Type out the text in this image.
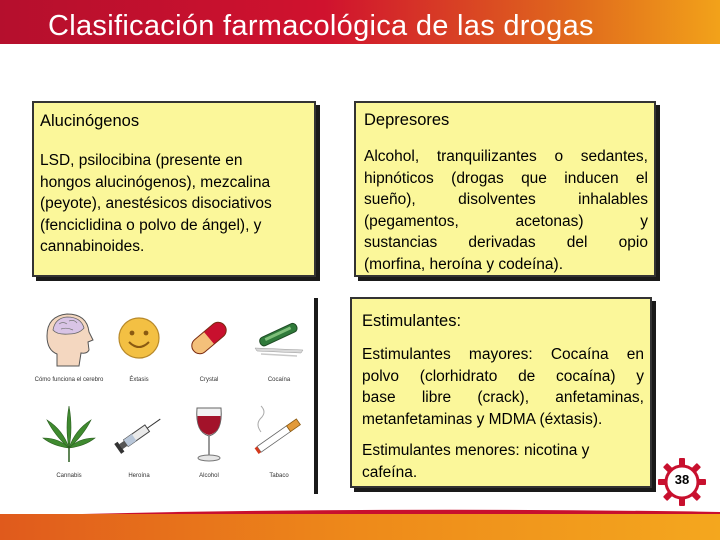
Clasificación farmacológica de las drogas
Alucinógenos
LSD, psilocibina (presente en
hongos alucinógenos), mezcalina
(peyote), anestésicos disociativos
(fenciclidina o polvo de ángel), y
cannabinoides.
Depresores
Alcohol, tranquilizantes o sedantes,
hipnóticos (drogas que inducen el
sueño), disolventes inhalables
(pegamentos, acetonas) y
sustancias derivadas del opio
(morfina, heroína y codeína).
Estimulantes:
Estimulantes mayores: Cocaína en
polvo (clorhidrato de cocaína) y
base libre (crack), anfetaminas,
metanfetaminas y MDMA (éxtasis).
Estimulantes menores: nicotina y
cafeína.
Cómo funciona el cerebro	Éxtasis	Crystal	Cocaína
Cannabis	Heroína	Alcohol	Tabaco	38
